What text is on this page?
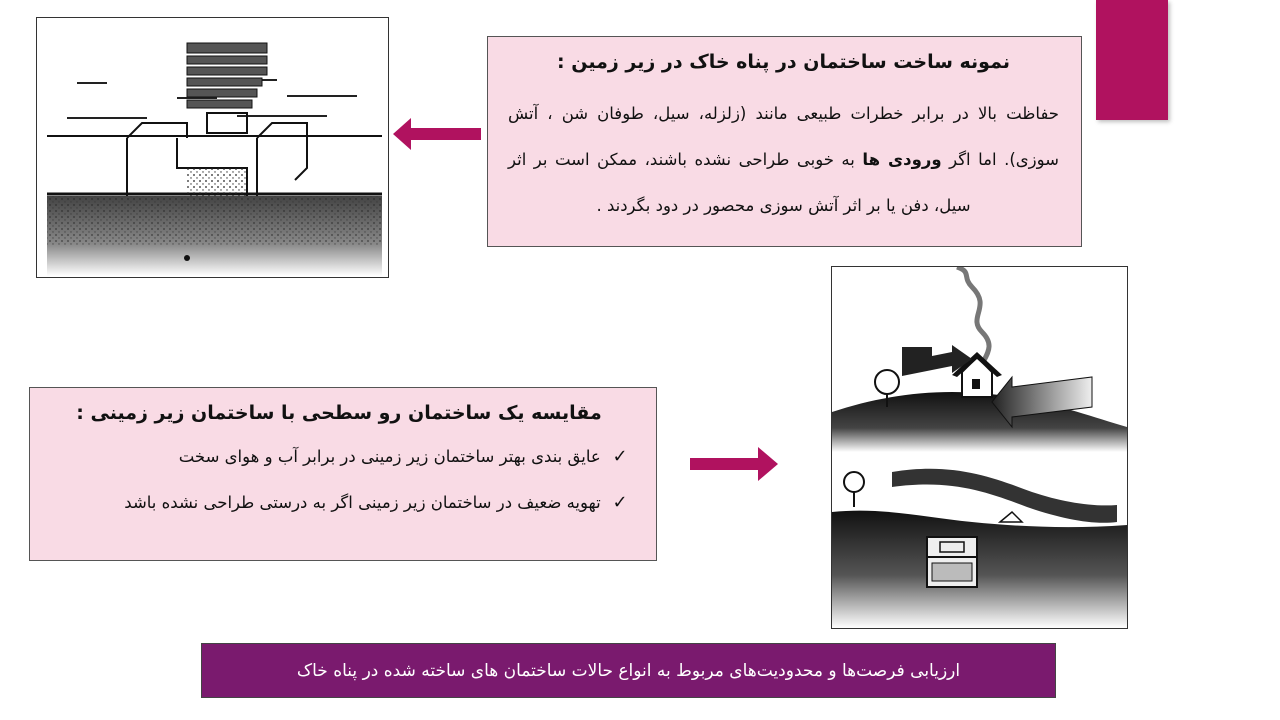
نمونه ساخت ساختمان در پناه خاک در زیر زمین :
حفاظت بالا در برابر خطرات طبیعی مانند (زلزله، سیل، طوفان شن ، آتش سوزی). اما اگر ورودی ها به خوبی طراحی نشده باشند، ممکن است بر اثر سیل، دفن یا بر اثر آتش سوزی محصور در دود بگردند .
مقایسه یک ساختمان رو سطحی با ساختمان زیر زمینی :
✓ عایق بندی بهتر ساختمان زیر زمینی در برابر آب و هوای سخت
✓ تهویه ضعیف در ساختمان زیر زمینی اگر به درستی طراحی نشده باشد
ارزیابی فرصت‌ها و محدودیت‌های مربوط به انواع حالات ساختمان های ساخته شده در پناه خاک
